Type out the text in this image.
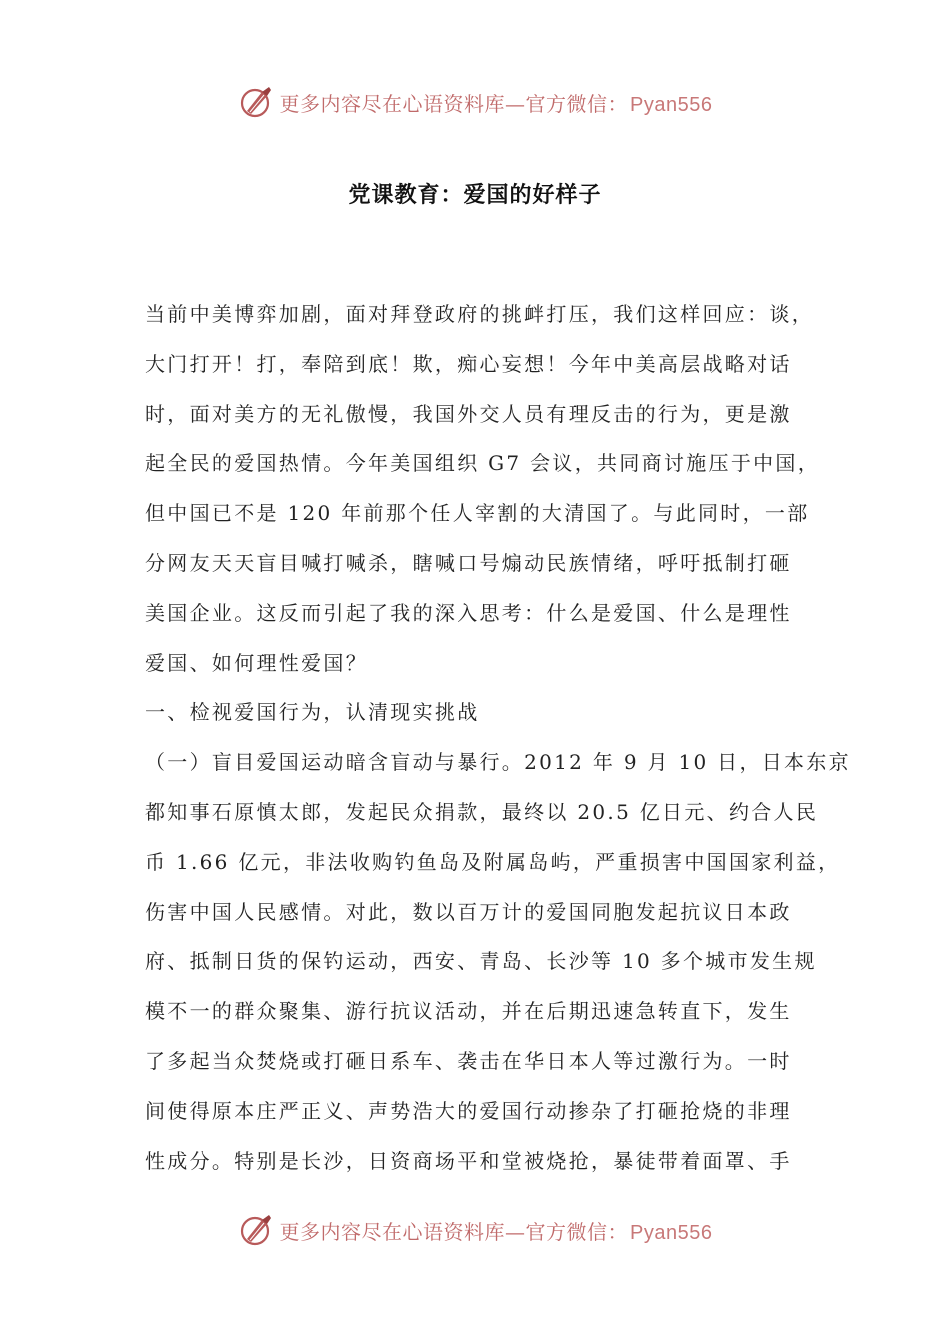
更多内容尽在心语资料库—官方微信： Pyan556
党课教育：爱国的好样子

当前中美博弈加剧，面对拜登政府的挑衅打压，我们这样回应：谈，
大门打开！打，奉陪到底！欺，痴心妄想！今年中美高层战略对话
时，面对美方的无礼傲慢，我国外交人员有理反击的行为，更是激
起全民的爱国热情。今年美国组织 G7 会议，共同商讨施压于中国，
但中国已不是 120 年前那个任人宰割的大清国了。与此同时，一部
分网友天天盲目喊打喊杀，瞎喊口号煽动民族情绪，呼吁抵制打砸
美国企业。这反而引起了我的深入思考：什么是爱国、什么是理性
爱国、如何理性爱国？
一、检视爱国行为，认清现实挑战
（一）盲目爱国运动暗含盲动与暴行。2012 年 9 月 10 日，日本东京
都知事石原慎太郎，发起民众捐款，最终以 20.5 亿日元、约合人民
币 1.66 亿元，非法收购钓鱼岛及附属岛屿，严重损害中国国家利益，
伤害中国人民感情。对此，数以百万计的爱国同胞发起抗议日本政
府、抵制日货的保钓运动，西安、青岛、长沙等 10 多个城市发生规
模不一的群众聚集、游行抗议活动，并在后期迅速急转直下，发生
了多起当众焚烧或打砸日系车、袭击在华日本人等过激行为。一时
间使得原本庄严正义、声势浩大的爱国行动掺杂了打砸抢烧的非理
性成分。特别是长沙，日资商场平和堂被烧抢，暴徒带着面罩、手

更多内容尽在心语资料库—官方微信： Pyan556
